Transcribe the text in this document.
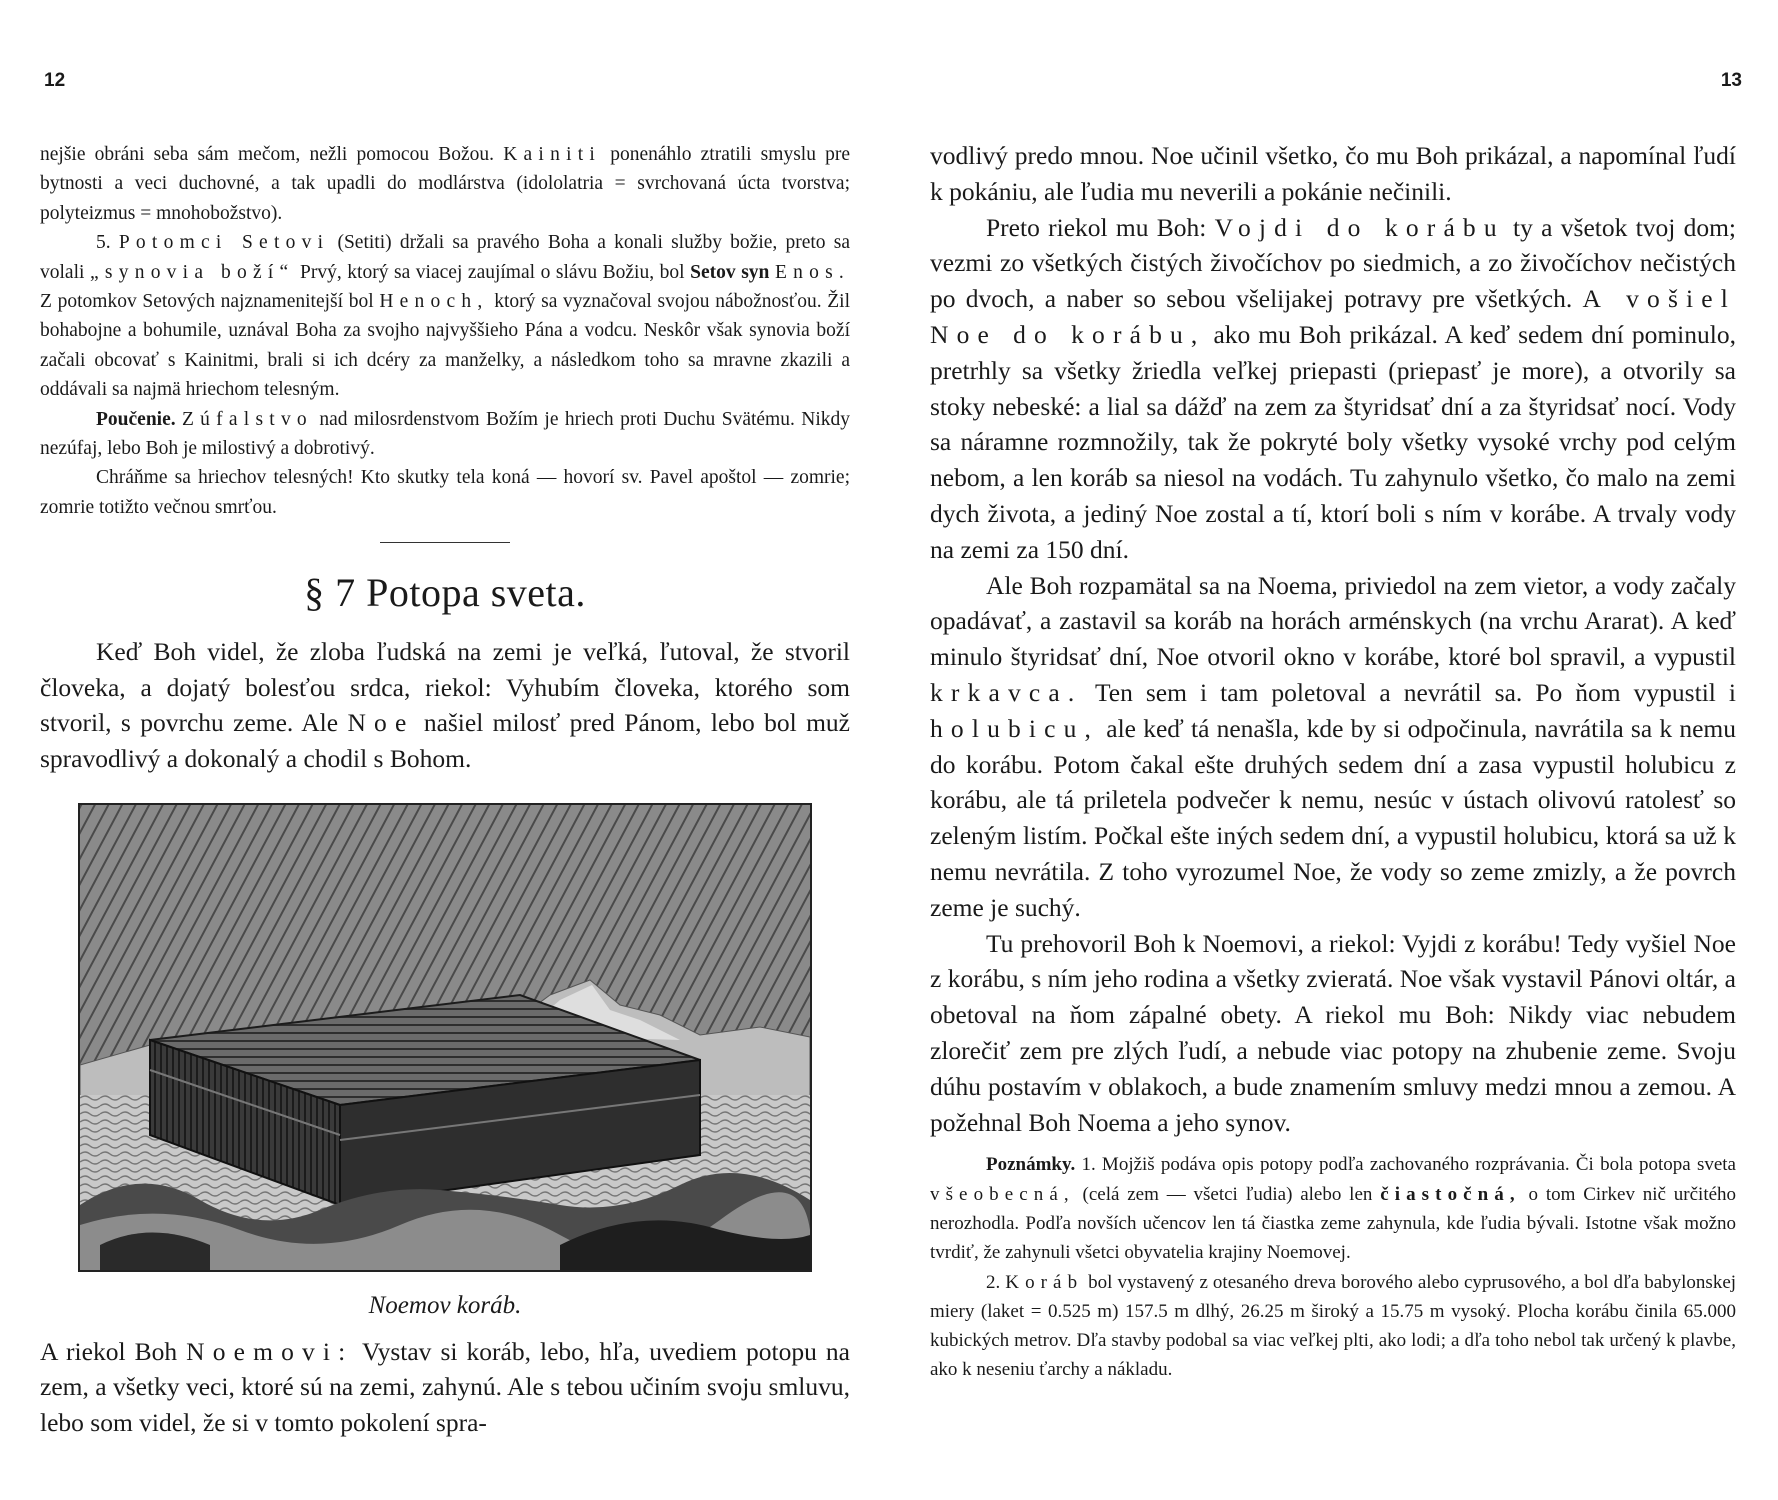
12	13

nejšie obráni seba sám mečom, nežli pomocou Božou. Kainiti ponenáhlo ztratili smyslu pre bytnosti a veci duchovné, a tak upadli do modlárstva (idololatria = svrchovaná úcta tvorstva; polyteizmus = mnohobožstvo).

5. Potomci Setovi (Setiti) držali sa pravého Boha a konali služby božie, preto sa volali „synovia boží“ Prvý, ktorý sa viacej zaujímal o slávu Božiu, bol Setov syn Enos. Z potomkov Setových najznamenitejší bol Henoch, ktorý sa vyznačoval svojou nábožnosťou. Žil bohabojne a bohumile, uznával Boha za svojho najvyššieho Pána a vodcu. Neskôr však synovia boží začali obcovať s Kainitmi, brali si ich dcéry za manželky, a následkom toho sa mravne zkazili a oddávali sa najmä hriechom telesným.

Poučenie. Zúfalstvo nad milosrdenstvom Božím je hriech proti Duchu Svätému. Nikdy nezúfaj, lebo Boh je milostivý a dobrotivý.

Chráňme sa hriechov telesných! Kto skutky tela koná — hovorí sv. Pavel apoštol — zomrie; zomrie totižto večnou smrťou.

§ 7 Potopa sveta.

Keď Boh videl, že zloba ľudská na zemi je veľká, ľutoval, že stvoril človeka, a dojatý bolesťou srdca, riekol: Vyhubím človeka, ktorého som stvoril, s povrchu zeme. Ale Noe našiel milosť pred Pánom, lebo bol muž spravodlivý a dokonalý a chodil s Bohom.

Noemov koráb.

A riekol Boh Noemovi: Vystav si koráb, lebo, hľa, uvediem potopu na zem, a všetky veci, ktoré sú na zemi, zahynú. Ale s tebou učiním svoju smluvu, lebo som videl, že si v tomto pokolení spra-

vodlivý predo mnou. Noe učinil všetko, čo mu Boh prikázal, a napomínal ľudí k pokániu, ale ľudia mu neverili a pokánie nečinili.

Preto riekol mu Boh: Vojdi do korábu ty a všetok tvoj dom; vezmi zo všetkých čistých živočíchov po siedmich, a zo živočíchov nečistých po dvoch, a naber so sebou všelijakej potravy pre všetkých. A vošiel Noe do korábu, ako mu Boh prikázal. A keď sedem dní pominulo, pretrhly sa všetky žriedla veľkej priepasti (priepasť je more), a otvorily sa stoky nebeské: a lial sa dážď na zem za štyridsať dní a za štyridsať nocí. Vody sa náramne rozmnožily, tak že pokryté boly všetky vysoké vrchy pod celým nebom, a len koráb sa niesol na vodách. Tu zahynulo všetko, čo malo na zemi dych života, a jediný Noe zostal a tí, ktorí boli s ním v korábe. A trvaly vody na zemi za 150 dní.

Ale Boh rozpamätal sa na Noema, priviedol na zem vietor, a vody začaly opadávať, a zastavil sa koráb na horách arménskych (na vrchu Ararat). A keď minulo štyridsať dní, Noe otvoril okno v korábe, ktoré bol spravil, a vypustil krkavca. Ten sem i tam poletoval a nevrátil sa. Po ňom vypustil i holubicu, ale keď tá nenašla, kde by si odpočinula, navrátila sa k nemu do korábu. Potom čakal ešte druhých sedem dní a zasa vypustil holubicu z korábu, ale tá priletela podvečer k nemu, nesúc v ústach olivovú ratolesť so zeleným listím. Počkal ešte iných sedem dní, a vypustil holubicu, ktorá sa už k nemu nevrátila. Z toho vyrozumel Noe, že vody so zeme zmizly, a že povrch zeme je suchý.

Tu prehovoril Boh k Noemovi, a riekol: Vyjdi z korábu! Tedy vyšiel Noe z korábu, s ním jeho rodina a všetky zvieratá. Noe však vystavil Pánovi oltár, a obetoval na ňom zápalné obety. A riekol mu Boh: Nikdy viac nebudem zlorečiť zem pre zlých ľudí, a nebude viac potopy na zhubenie zeme. Svoju dúhu postavím v oblakoch, a bude znamením smluvy medzi mnou a zemou. A požehnal Boh Noema a jeho synov.

Poznámky. 1. Mojžiš podáva opis potopy podľa zachovaného rozprávania. Či bola potopa sveta všeobecná, (celá zem — všetci ľudia) alebo len čiastočná, o tom Cirkev nič určitého nerozhodla. Podľa novších učencov len tá čiastka zeme zahynula, kde ľudia bývali. Istotne však možno tvrdiť, že zahynuli všetci obyvatelia krajiny Noemovej.

2. Koráb bol vystavený z otesaného dreva borového alebo cyprusového, a bol dľa babylonskej miery (laket = 0.525 m) 157.5 m dlhý, 26.25 m široký a 15.75 m vysoký. Plocha korábu činila 65.000 kubických metrov. Dľa stavby podobal sa viac veľkej plti, ako lodi; a dľa toho nebol tak určený k plavbe, ako k neseniu ťarchy a nákladu.
